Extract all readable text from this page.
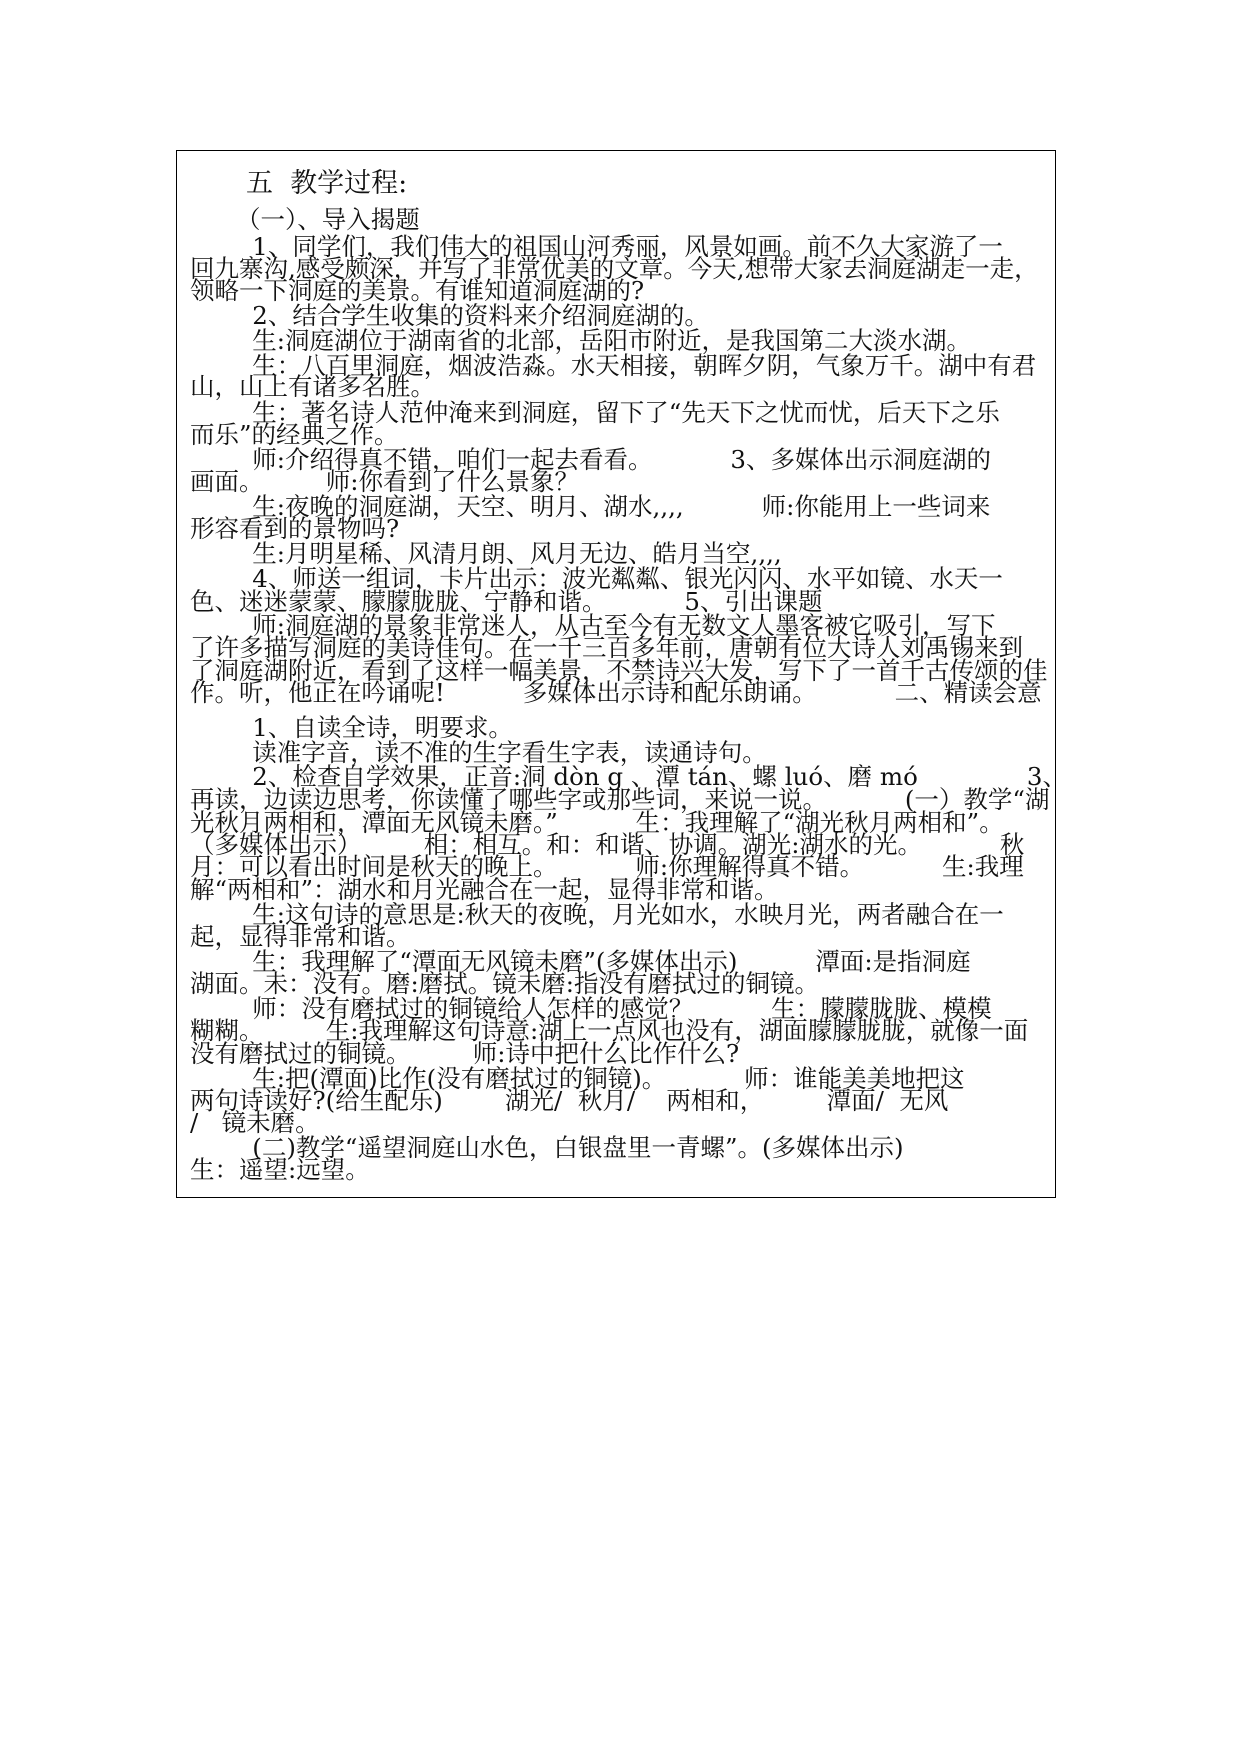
五  教学过程:
（一）、导入揭题
1、同学们，我们伟大的祖国山河秀丽，风景如画。前不久大家游了一
回九寨沟,感受颇深，并写了非常优美的文章。今天,想带大家去洞庭湖走一走，
领略一下洞庭的美景。有谁知道洞庭湖的?
2、结合学生收集的资料来介绍洞庭湖的。
生:洞庭湖位于湖南省的北部，岳阳市附近，是我国第二大淡水湖。
生：八百里洞庭，烟波浩淼。水天相接，朝晖夕阴，气象万千。湖中有君
山，山上有诸多名胜。
生：著名诗人范仲淹来到洞庭，留下了“先天下之忧而忧，后天下之乐
而乐”的经典之作。
师:介绍得真不错，咱们一起去看看。          3、多媒体出示洞庭湖的
画面。        师:你看到了什么景象？
生:夜晚的洞庭湖，天空、明月、湖水,,,,          师:你能用上一些词来
形容看到的景物吗?
生:月明星稀、风清月朗、风月无边、皓月当空,,,,
4、师送一组词，卡片出示：波光粼粼、银光闪闪、水平如镜、水天一
色、迷迷蒙蒙、朦朦胧胧、宁静和谐。          5、引出课题
师:洞庭湖的景象非常迷人，从古至今有无数文人墨客被它吸引，写下
了许多描写洞庭的美诗佳句。在一千三百多年前，唐朝有位大诗人刘禹锡来到
了洞庭湖附近，看到了这样一幅美景，不禁诗兴大发，写下了一首千古传颂的佳
作。听，他正在吟诵呢!          多媒体出示诗和配乐朗诵。          二、精读会意
1、自读全诗，明要求。
读准字音，读不准的生字看生字表，读通诗句。
2、检查自学效果，正音:洞 dòn g 、潭 tán、螺 luó、磨 mó              3、
再读，边读边思考，你读懂了哪些字或那些词，来说一说。          (一）教学“湖
光秋月两相和，潭面无风镜未磨。”          生：我理解了“湖光秋月两相和”。
（多媒体出示）        相：相互。和：和谐、协调。湖光:湖水的光。          秋
月：可以看出时间是秋天的晚上。          师:你理解得真不错。          生:我理
解“两相和”：湖水和月光融合在一起，显得非常和谐。
生:这句诗的意思是:秋天的夜晚，月光如水，水映月光，两者融合在一
起，显得非常和谐。
生：我理解了“潭面无风镜未磨”(多媒体出示)          潭面:是指洞庭
湖面。未：没有。磨:磨拭。镜未磨:指没有磨拭过的铜镜。
师：没有磨拭过的铜镜给人怎样的感觉？          生：朦朦胧胧、模模
糊糊。        生:我理解这句诗意:湖上一点风也没有，湖面朦朦胧胧，就像一面
没有磨拭过的铜镜。        师:诗中把什么比作什么?
生:把(潭面)比作(没有磨拭过的铜镜)。          师：谁能美美地把这
两句诗读好?(给生配乐)        湖光/  秋月/    两相和，        潭面/  无风
/   镜未磨。
(二)教学“遥望洞庭山水色，白银盘里一青螺”。(多媒体出示)
生：遥望:远望。
